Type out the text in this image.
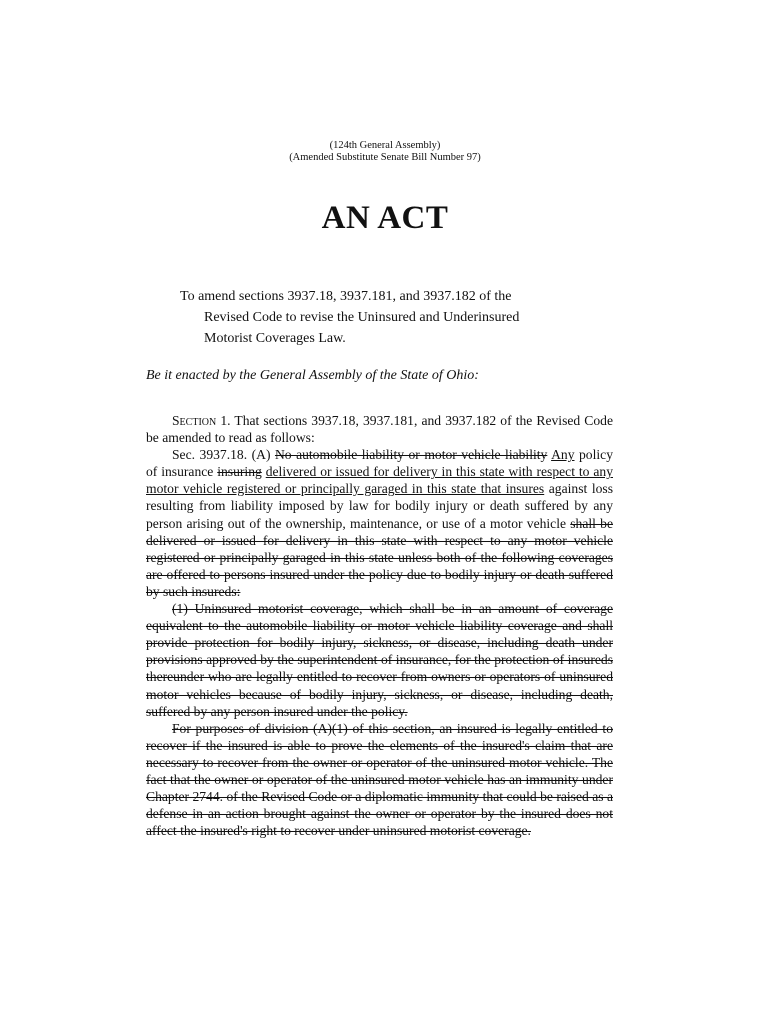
(124th General Assembly)
(Amended Substitute Senate Bill Number 97)
AN ACT
To amend sections 3937.18, 3937.181, and 3937.182 of the
Revised Code to revise the Uninsured and Underinsured
Motorist Coverages Law.
Be it enacted by the General Assembly of the State of Ohio:

Section 1. That sections 3937.18, 3937.181, and 3937.182 of the Revised Code be amended to read as follows:

Sec. 3937.18. (A) No automobile liability or motor vehicle liability Any policy of insurance insuring delivered or issued for delivery in this state with respect to any motor vehicle registered or principally garaged in this state that insures against loss resulting from liability imposed by law for bodily injury or death suffered by any person arising out of the ownership, maintenance, or use of a motor vehicle shall be delivered or issued for delivery in this state with respect to any motor vehicle registered or principally garaged in this state unless both of the following coverages are offered to persons insured under the policy due to bodily injury or death suffered by such insureds:

(1) Uninsured motorist coverage, which shall be in an amount of coverage equivalent to the automobile liability or motor vehicle liability coverage and shall provide protection for bodily injury, sickness, or disease, including death under provisions approved by the superintendent of insurance, for the protection of insureds thereunder who are legally entitled to recover from owners or operators of uninsured motor vehicles because of bodily injury, sickness, or disease, including death, suffered by any person insured under the policy.

For purposes of division (A)(1) of this section, an insured is legally entitled to recover if the insured is able to prove the elements of the insured's claim that are necessary to recover from the owner or operator of the uninsured motor vehicle. The fact that the owner or operator of the uninsured motor vehicle has an immunity under Chapter 2744. of the Revised Code or a diplomatic immunity that could be raised as a defense in an action brought against the owner or operator by the insured does not affect the insured's right to recover under uninsured motorist coverage.
